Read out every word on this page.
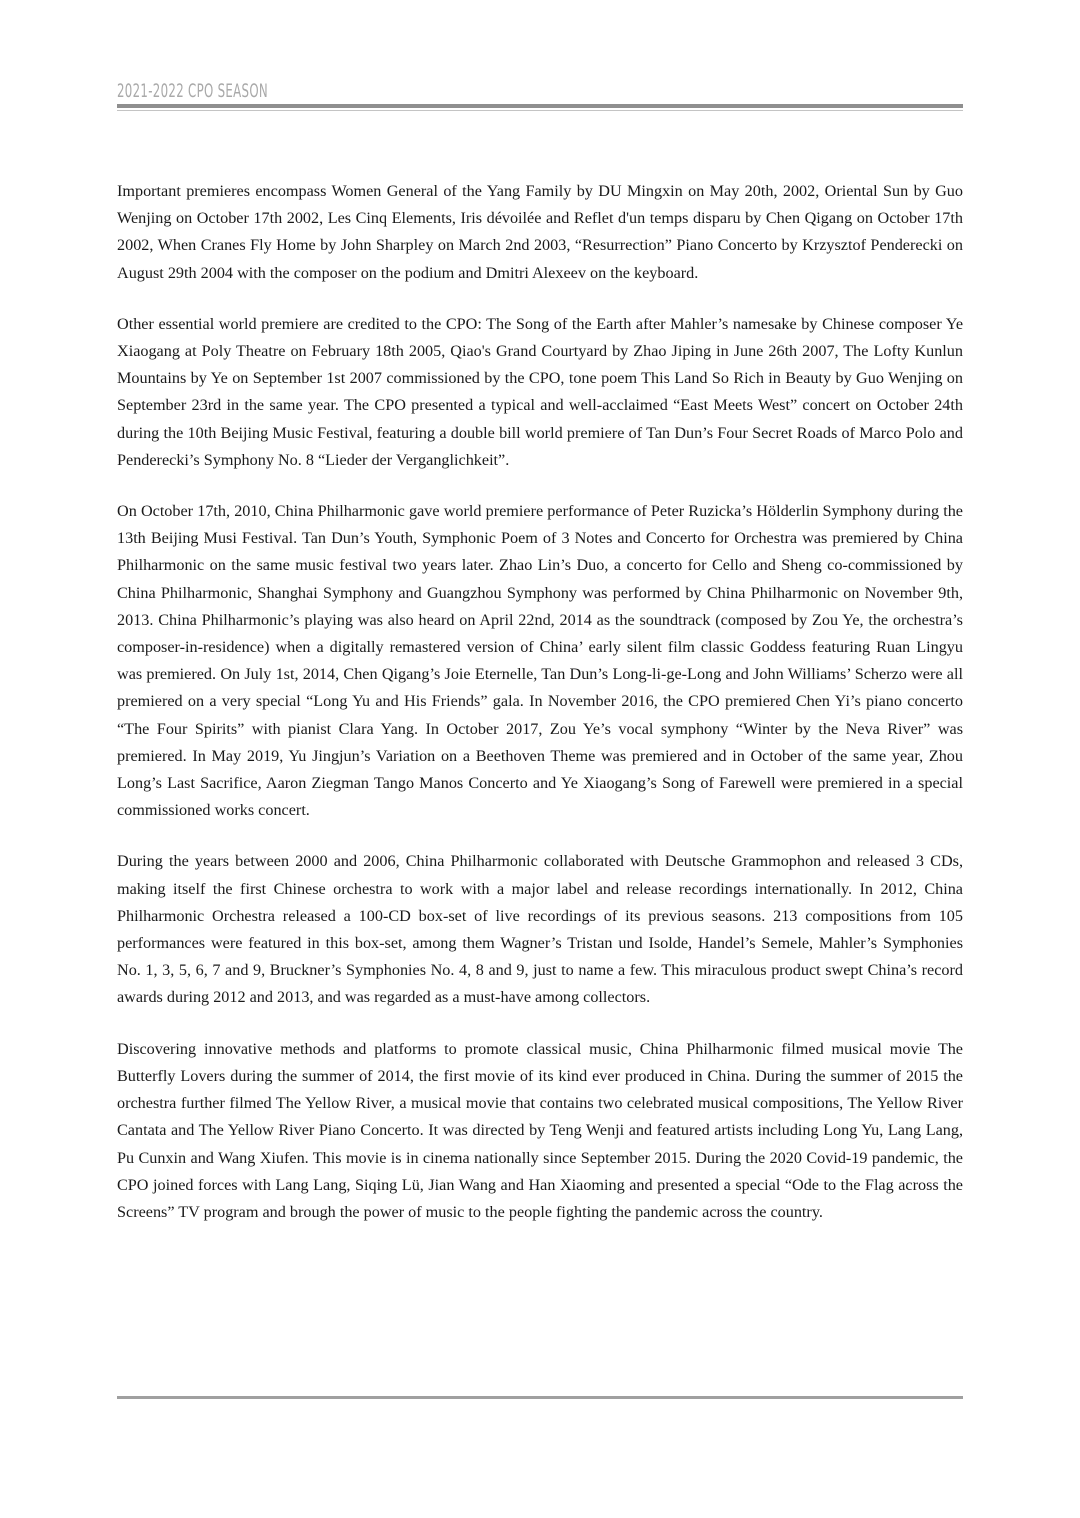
2021-2022 CPO SEASON

Important premieres encompass Women General of the Yang Family by DU Mingxin on May 20th, 2002, Oriental Sun by Guo Wenjing on October 17th 2002, Les Cinq Elements, Iris dévoilée and Reflet d'un temps disparu by Chen Qigang on October 17th 2002, When Cranes Fly Home by John Sharpley on March 2nd 2003, “Resurrection” Piano Concerto by Krzysztof Penderecki on August 29th 2004 with the composer on the podium and Dmitri Alexeev on the keyboard.

Other essential world premiere are credited to the CPO: The Song of the Earth after Mahler’s namesake by Chinese composer Ye Xiaogang at Poly Theatre on February 18th 2005, Qiao's Grand Courtyard by Zhao Jiping in June 26th 2007, The Lofty Kunlun Mountains by Ye on September 1st 2007 commissioned by the CPO, tone poem This Land So Rich in Beauty by Guo Wenjing on September 23rd in the same year. The CPO presented a typical and well-acclaimed “East Meets West” concert on October 24th during the 10th Beijing Music Festival, featuring a double bill world premiere of Tan Dun’s Four Secret Roads of Marco Polo and Penderecki’s Symphony No. 8 “Lieder der Verganglichkeit”.

On October 17th, 2010, China Philharmonic gave world premiere performance of Peter Ruzicka’s Hölderlin Symphony during the 13th Beijing Musi Festival. Tan Dun’s Youth, Symphonic Poem of 3 Notes and Concerto for Orchestra was premiered by China Philharmonic on the same music festival two years later. Zhao Lin’s Duo, a concerto for Cello and Sheng co-commissioned by China Philharmonic, Shanghai Symphony and Guangzhou Symphony was performed by China Philharmonic on November 9th, 2013. China Philharmonic’s playing was also heard on April 22nd, 2014 as the soundtrack (composed by Zou Ye, the orchestra’s composer-in-residence) when a digitally remastered version of China’ early silent film classic Goddess featuring Ruan Lingyu was premiered. On July 1st, 2014, Chen Qigang’s Joie Eternelle, Tan Dun’s Long-li-ge-Long and John Williams’ Scherzo were all premiered on a very special “Long Yu and His Friends” gala. In November 2016, the CPO premiered Chen Yi’s piano concerto “The Four Spirits” with pianist Clara Yang. In October 2017, Zou Ye’s vocal symphony “Winter by the Neva River” was premiered. In May 2019, Yu Jingjun’s Variation on a Beethoven Theme was premiered and in October of the same year, Zhou Long’s Last Sacrifice, Aaron Ziegman Tango Manos Concerto and Ye Xiaogang’s Song of Farewell were premiered in a special commissioned works concert.

During the years between 2000 and 2006, China Philharmonic collaborated with Deutsche Grammophon and released 3 CDs, making itself the first Chinese orchestra to work with a major label and release recordings internationally. In 2012, China Philharmonic Orchestra released a 100-CD box-set of live recordings of its previous seasons. 213 compositions from 105 performances were featured in this box-set, among them Wagner’s Tristan und Isolde, Handel’s Semele, Mahler’s Symphonies No. 1, 3, 5, 6, 7 and 9, Bruckner’s Symphonies No. 4, 8 and 9, just to name a few. This miraculous product swept China’s record awards during 2012 and 2013, and was regarded as a must-have among collectors.

Discovering innovative methods and platforms to promote classical music, China Philharmonic filmed musical movie The Butterfly Lovers during the summer of 2014, the first movie of its kind ever produced in China. During the summer of 2015 the orchestra further filmed The Yellow River, a musical movie that contains two celebrated musical compositions, The Yellow River Cantata and The Yellow River Piano Concerto. It was directed by Teng Wenji and featured artists including Long Yu, Lang Lang, Pu Cunxin and Wang Xiufen. This movie is in cinema nationally since September 2015. During the 2020 Covid-19 pandemic, the CPO joined forces with Lang Lang, Siqing Lü, Jian Wang and Han Xiaoming and presented a special “Ode to the Flag across the Screens” TV program and brough the power of music to the people fighting the pandemic across the country.
